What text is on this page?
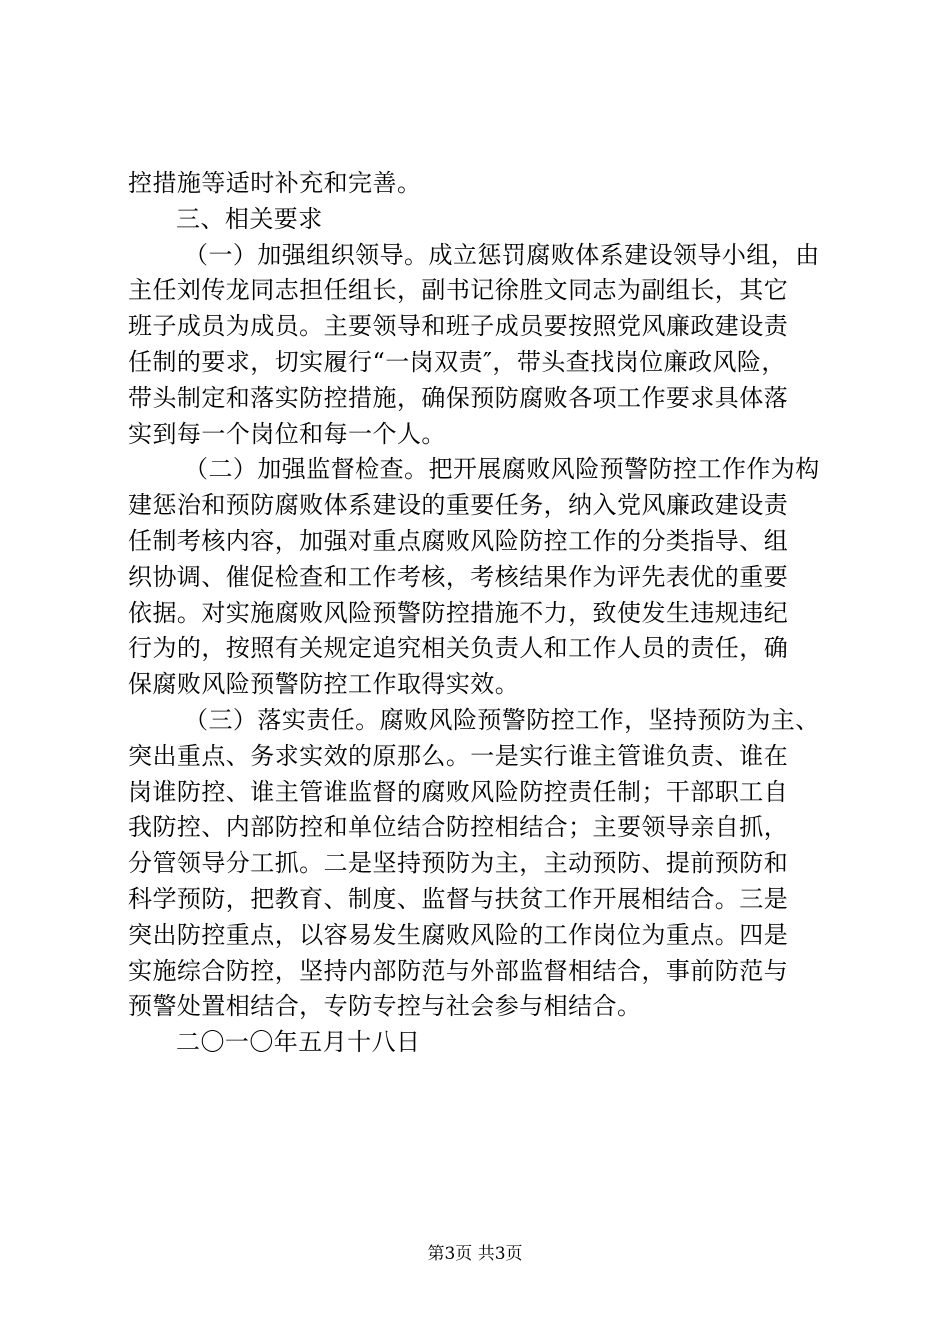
控措施等适时补充和完善。
三、相关要求
（一）加强组织领导。成立惩罚腐败体系建设领导小组，由
主任刘传龙同志担任组长，副书记徐胜文同志为副组长，其它
班子成员为成员。主要领导和班子成员要按照党风廉政建设责
任制的要求，切实履行“一岗双责″，带头查找岗位廉政风险，
带头制定和落实防控措施，确保预防腐败各项工作要求具体落
实到每一个岗位和每一个人。
（二）加强监督检查。把开展腐败风险预警防控工作作为构
建惩治和预防腐败体系建设的重要任务，纳入党风廉政建设责
任制考核内容，加强对重点腐败风险防控工作的分类指导、组
织协调、催促检查和工作考核，考核结果作为评先表优的重要
依据。对实施腐败风险预警防控措施不力，致使发生违规违纪
行为的，按照有关规定追究相关负责人和工作人员的责任，确
保腐败风险预警防控工作取得实效。
（三）落实责任。腐败风险预警防控工作，坚持预防为主、
突出重点、务求实效的原那么。一是实行谁主管谁负责、谁在
岗谁防控、谁主管谁监督的腐败风险防控责任制；干部职工自
我防控、内部防控和单位结合防控相结合；主要领导亲自抓，
分管领导分工抓。二是坚持预防为主，主动预防、提前预防和
科学预防，把教育、制度、监督与扶贫工作开展相结合。三是
突出防控重点，以容易发生腐败风险的工作岗位为重点。四是
实施综合防控，坚持内部防范与外部监督相结合，事前防范与
预警处置相结合，专防专控与社会参与相结合。
二〇一〇年五月十八日
第3页 共3页
